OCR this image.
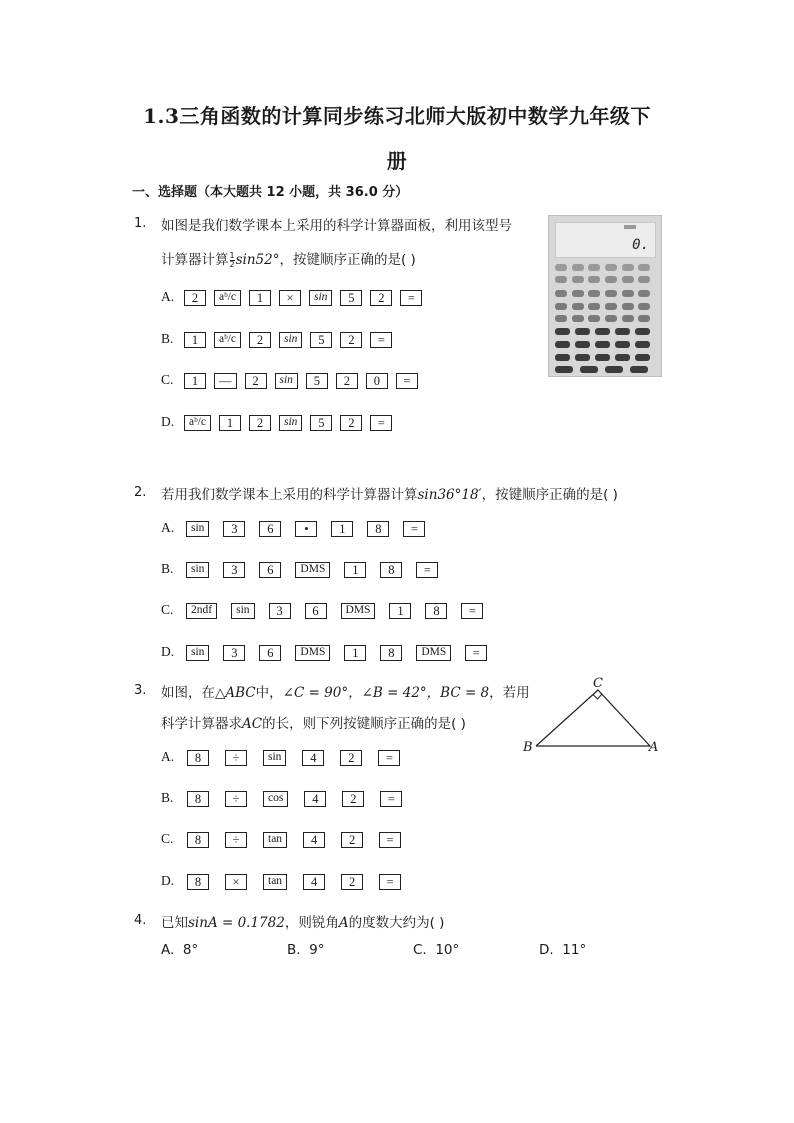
1.3三角函数的计算同步练习北师大版初中数学九年级下
册
一、选择题（本大题共 12 小题，共 36.0 分）
1. 如图是我们数学课本上采用的科学计算器面板，利用该型号
计算器计算 $\frac{1}{2} \sin 52^\circ$，按键顺序正确的是( )
A.	2	aᵇ/c	1	×	sin	5	2	=
B.	1	aᵇ/c	2	sin	5	2	=
C.	1	—	2	sin	5	2	0	=
D.	aᵇ/c	1	2	sin	5	2	=
0.
2. 若用我们数学课本上采用的科学计算器计算sin36°18′，按键顺序正确的是( )
A.	sin	3	6	•	1	8	=
B.	sin	3	6	DMS	1	8	=
C.	2ndf	sin	3	6	DMS	1	8	=
D.	sin	3	6	DMS	1	8	DMS	=
3. 如图，在△ABC中，∠C = 90°，∠B = 42°，BC = 8，若用
科学计算器求AC的长，则下列按键顺序正确的是( )
C
B	A
A.	8	÷	sin	4	2	=
B.	8	÷	cos	4	2	=
C.	8	÷	tan	4	2	=
D.	8	×	tan	4	2	=
4. 已知sinA = 0.1782，则锐角A的度数大约为( )
A. 8°	B. 9°	C. 10°	D. 11°
